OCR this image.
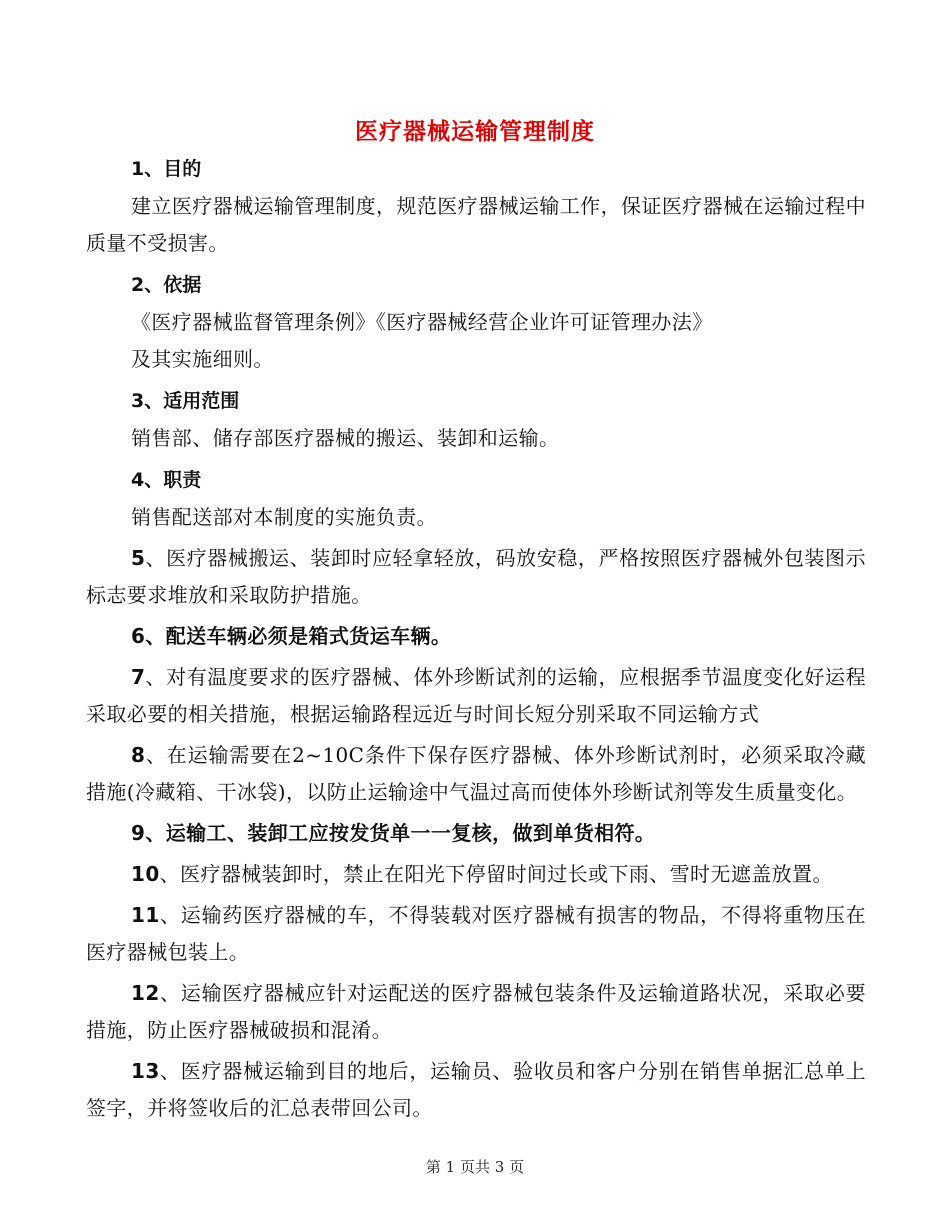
医疗器械运输管理制度

1、目的

建立医疗器械运输管理制度，规范医疗器械运输工作，保证医疗器械在运输过程中质量不受损害。

2、依据

《医疗器械监督管理条例》《医疗器械经营企业许可证管理办法》

及其实施细则。

3、适用范围

销售部、储存部医疗器械的搬运、装卸和运输。

4、职责

销售配送部对本制度的实施负责。

5、医疗器械搬运、装卸时应轻拿轻放，码放安稳，严格按照医疗器械外包装图示标志要求堆放和采取防护措施。

6、配送车辆必须是箱式货运车辆。

7、对有温度要求的医疗器械、体外珍断试剂的运输，应根据季节温度变化好运程采取必要的相关措施，根据运输路程远近与时间长短分别采取不同运输方式

8、在运输需要在2~10C条件下保存医疗器械、体外珍断试剂时，必须采取冷藏措施(冷藏箱、干冰袋)，以防止运输途中气温过高而使体外珍断试剂等发生质量变化。

9、运输工、装卸工应按发货单一一复核，做到单货相符。

10、医疗器械装卸时，禁止在阳光下停留时间过长或下雨、雪时无遮盖放置。

11、运输药医疗器械的车，不得装载对医疗器械有损害的物品，不得将重物压在医疗器械包装上。

12、运输医疗器械应针对运配送的医疗器械包装条件及运输道路状况，采取必要措施，防止医疗器械破损和混淆。

13、医疗器械运输到目的地后，运输员、验收员和客户分别在销售单据汇总单上签字，并将签收后的汇总表带回公司。

第 1 页共 3 页
